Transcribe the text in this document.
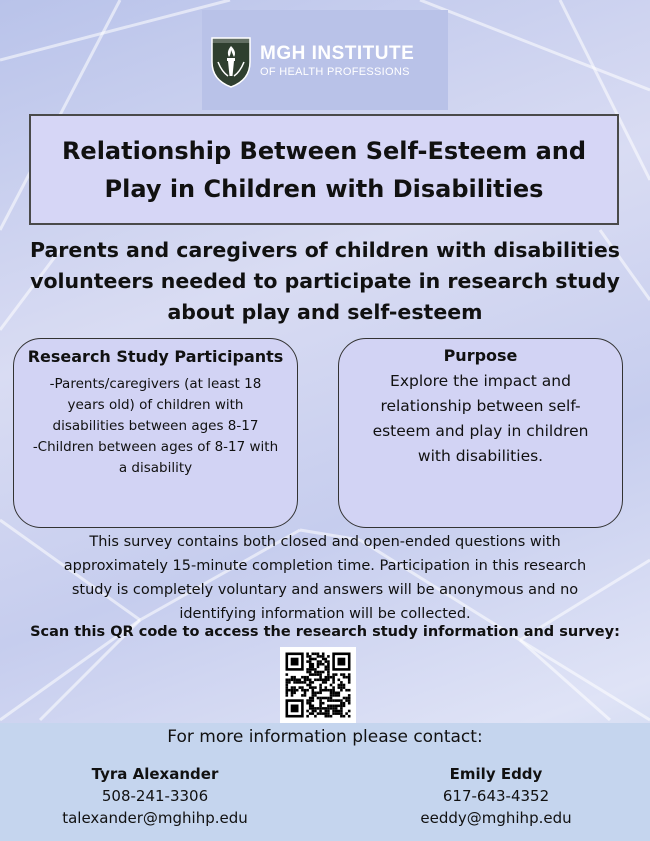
MGH INSTITUTE
OF HEALTH PROFESSIONS
Relationship Between Self-Esteem and
Play in Children with Disabilities
Parents and caregivers of children with disabilities
volunteers needed to participate in research study
about play and self-esteem
Research Study Participants
-Parents/caregivers (at least 18
years old) of children with
disabilities between ages 8-17
-Children between ages of 8-17 with
a disability
Purpose
Explore the impact and
relationship between self-
esteem and play in children
with disabilities.
This survey contains both closed and open-ended questions with
approximately 15-minute completion time. Participation in this research
study is completely voluntary and answers will be anonymous and no
identifying information will be collected.
Scan this QR code to access the research study information and survey:
For more information please contact:
Tyra Alexander
508-241-3306
talexander@mghihp.edu
Emily Eddy
617-643-4352
eeddy@mghihp.edu
